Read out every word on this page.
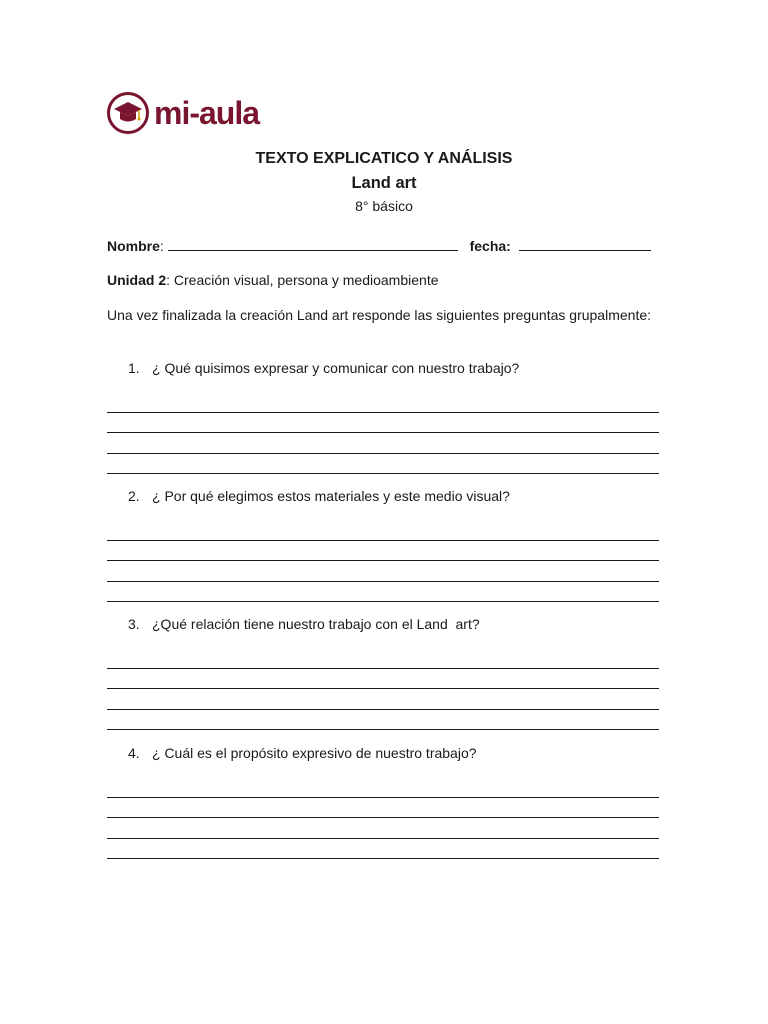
mi-aula
TEXTO EXPLICATICO Y ANÁLISIS
Land art
8° básico
Nombre:	fecha:
Unidad 2: Creación visual, persona y medioambiente
Una vez finalizada la creación Land art responde las siguientes preguntas grupalmente:
1. ¿ Qué quisimos expresar y comunicar con nuestro trabajo?
2. ¿ Por qué elegimos estos materiales y este medio visual?
3. ¿Qué relación tiene nuestro trabajo con el Land  art?
4. ¿ Cuál es el propósito expresivo de nuestro trabajo?
